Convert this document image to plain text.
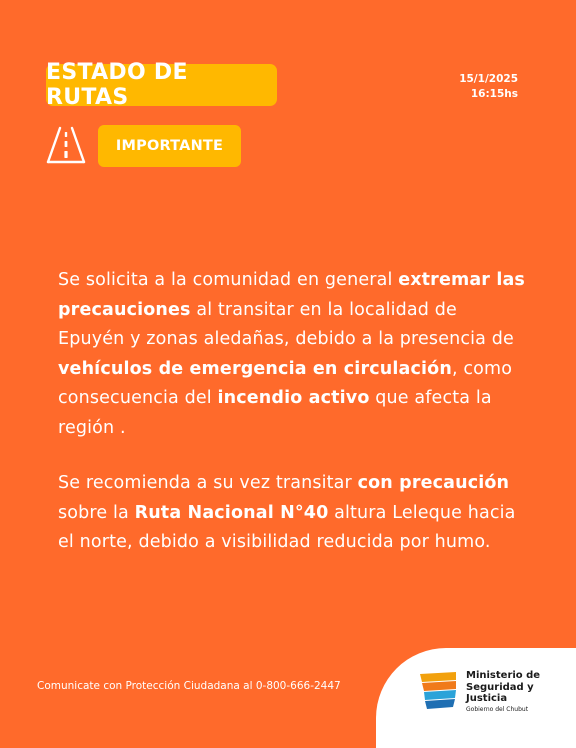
ESTADO DE RUTAS
15/1/2025
16:15hs
IMPORTANTE
Se solicita a la comunidad en general extremar las precauciones al transitar en la localidad de Epuyén y zonas aledañas, debido a la presencia de vehículos de emergencia en circulación, como consecuencia del incendio activo que afecta la región .
Se recomienda a su vez transitar con precaución sobre la Ruta Nacional N°40 altura Leleque hacia el norte, debido a visibilidad reducida por humo.
Comunicate con Protección Ciudadana al 0-800-666-2447
Ministerio de
Seguridad y Justicia
Gobierno del Chubut
